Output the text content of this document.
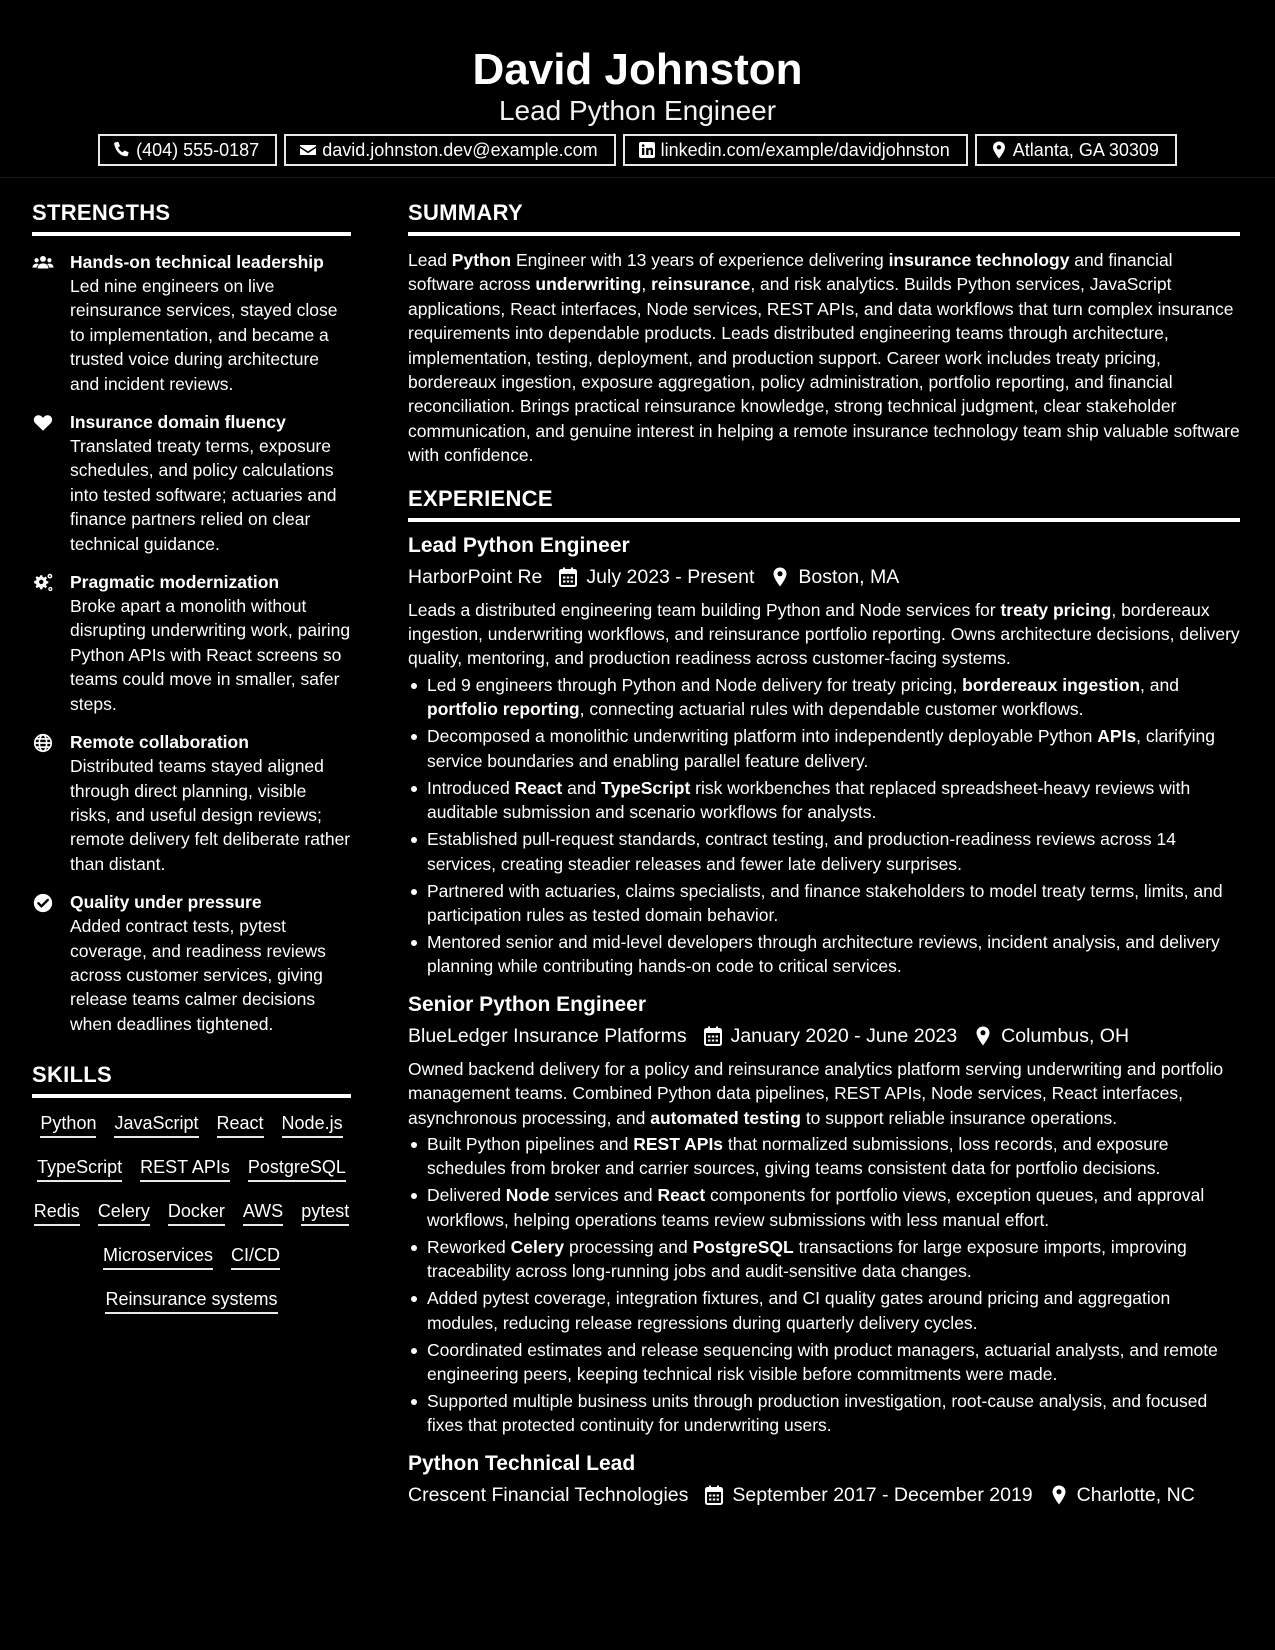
David Johnston
Lead Python Engineer
(404) 555-0187	david.johnston.dev@example.com	linkedin.com/example/davidjohnston	Atlanta, GA 30309
STRENGTHS
Hands-on technical leadership
Led nine engineers on live reinsurance services, stayed close to implementation, and became a trusted voice during architecture and incident reviews.
Insurance domain fluency
Translated treaty terms, exposure schedules, and policy calculations into tested software; actuaries and finance partners relied on clear technical guidance.
Pragmatic modernization
Broke apart a monolith without disrupting underwriting work, pairing Python APIs with React screens so teams could move in smaller, safer steps.
Remote collaboration
Distributed teams stayed aligned through direct planning, visible risks, and useful design reviews; remote delivery felt deliberate rather than distant.
Quality under pressure
Added contract tests, pytest coverage, and readiness reviews across customer services, giving release teams calmer decisions when deadlines tightened.
SKILLS
Python JavaScript React Node.js
TypeScript REST APIs PostgreSQL
Redis Celery Docker AWS pytest
Microservices CI/CD
Reinsurance systems
SUMMARY

Lead Python Engineer with 13 years of experience delivering insurance technology and financial software across underwriting, reinsurance, and risk analytics. Builds Python services, JavaScript applications, React interfaces, Node services, REST APIs, and data workflows that turn complex insurance requirements into dependable products. Leads distributed engineering teams through architecture, implementation, testing, deployment, and production support. Career work includes treaty pricing, bordereaux ingestion, exposure aggregation, policy administration, portfolio reporting, and financial reconciliation. Brings practical reinsurance knowledge, strong technical judgment, clear stakeholder communication, and genuine interest in helping a remote insurance technology team ship valuable software with confidence.

EXPERIENCE
Lead Python Engineer
HarborPoint Re July 2023 - Present Boston, MA

Leads a distributed engineering team building Python and Node services for treaty pricing, bordereaux ingestion, underwriting workflows, and reinsurance portfolio reporting. Owns architecture decisions, delivery quality, mentoring, and production readiness across customer-facing systems.

Led 9 engineers through Python and Node delivery for treaty pricing, bordereaux ingestion, and portfolio reporting, connecting actuarial rules with dependable customer workflows.
Decomposed a monolithic underwriting platform into independently deployable Python APIs, clarifying service boundaries and enabling parallel feature delivery.
Introduced React and TypeScript risk workbenches that replaced spreadsheet-heavy reviews with auditable submission and scenario workflows for analysts.
Established pull-request standards, contract testing, and production-readiness reviews across 14 services, creating steadier releases and fewer late delivery surprises.
Partnered with actuaries, claims specialists, and finance stakeholders to model treaty terms, limits, and participation rules as tested domain behavior.
Mentored senior and mid-level developers through architecture reviews, incident analysis, and delivery planning while contributing hands-on code to critical services.
Senior Python Engineer
BlueLedger Insurance Platforms January 2020 - June 2023 Columbus, OH

Owned backend delivery for a policy and reinsurance analytics platform serving underwriting and portfolio management teams. Combined Python data pipelines, REST APIs, Node services, React interfaces, asynchronous processing, and automated testing to support reliable insurance operations.

Built Python pipelines and REST APIs that normalized submissions, loss records, and exposure schedules from broker and carrier sources, giving teams consistent data for portfolio decisions.
Delivered Node services and React components for portfolio views, exception queues, and approval workflows, helping operations teams review submissions with less manual effort.
Reworked Celery processing and PostgreSQL transactions for large exposure imports, improving traceability across long-running jobs and audit-sensitive data changes.
Added pytest coverage, integration fixtures, and CI quality gates around pricing and aggregation modules, reducing release regressions during quarterly delivery cycles.
Coordinated estimates and release sequencing with product managers, actuarial analysts, and remote engineering peers, keeping technical risk visible before commitments were made.
Supported multiple business units through production investigation, root-cause analysis, and focused fixes that protected continuity for underwriting users.
Python Technical Lead
Crescent Financial Technologies September 2017 - December 2019 Charlotte, NC
